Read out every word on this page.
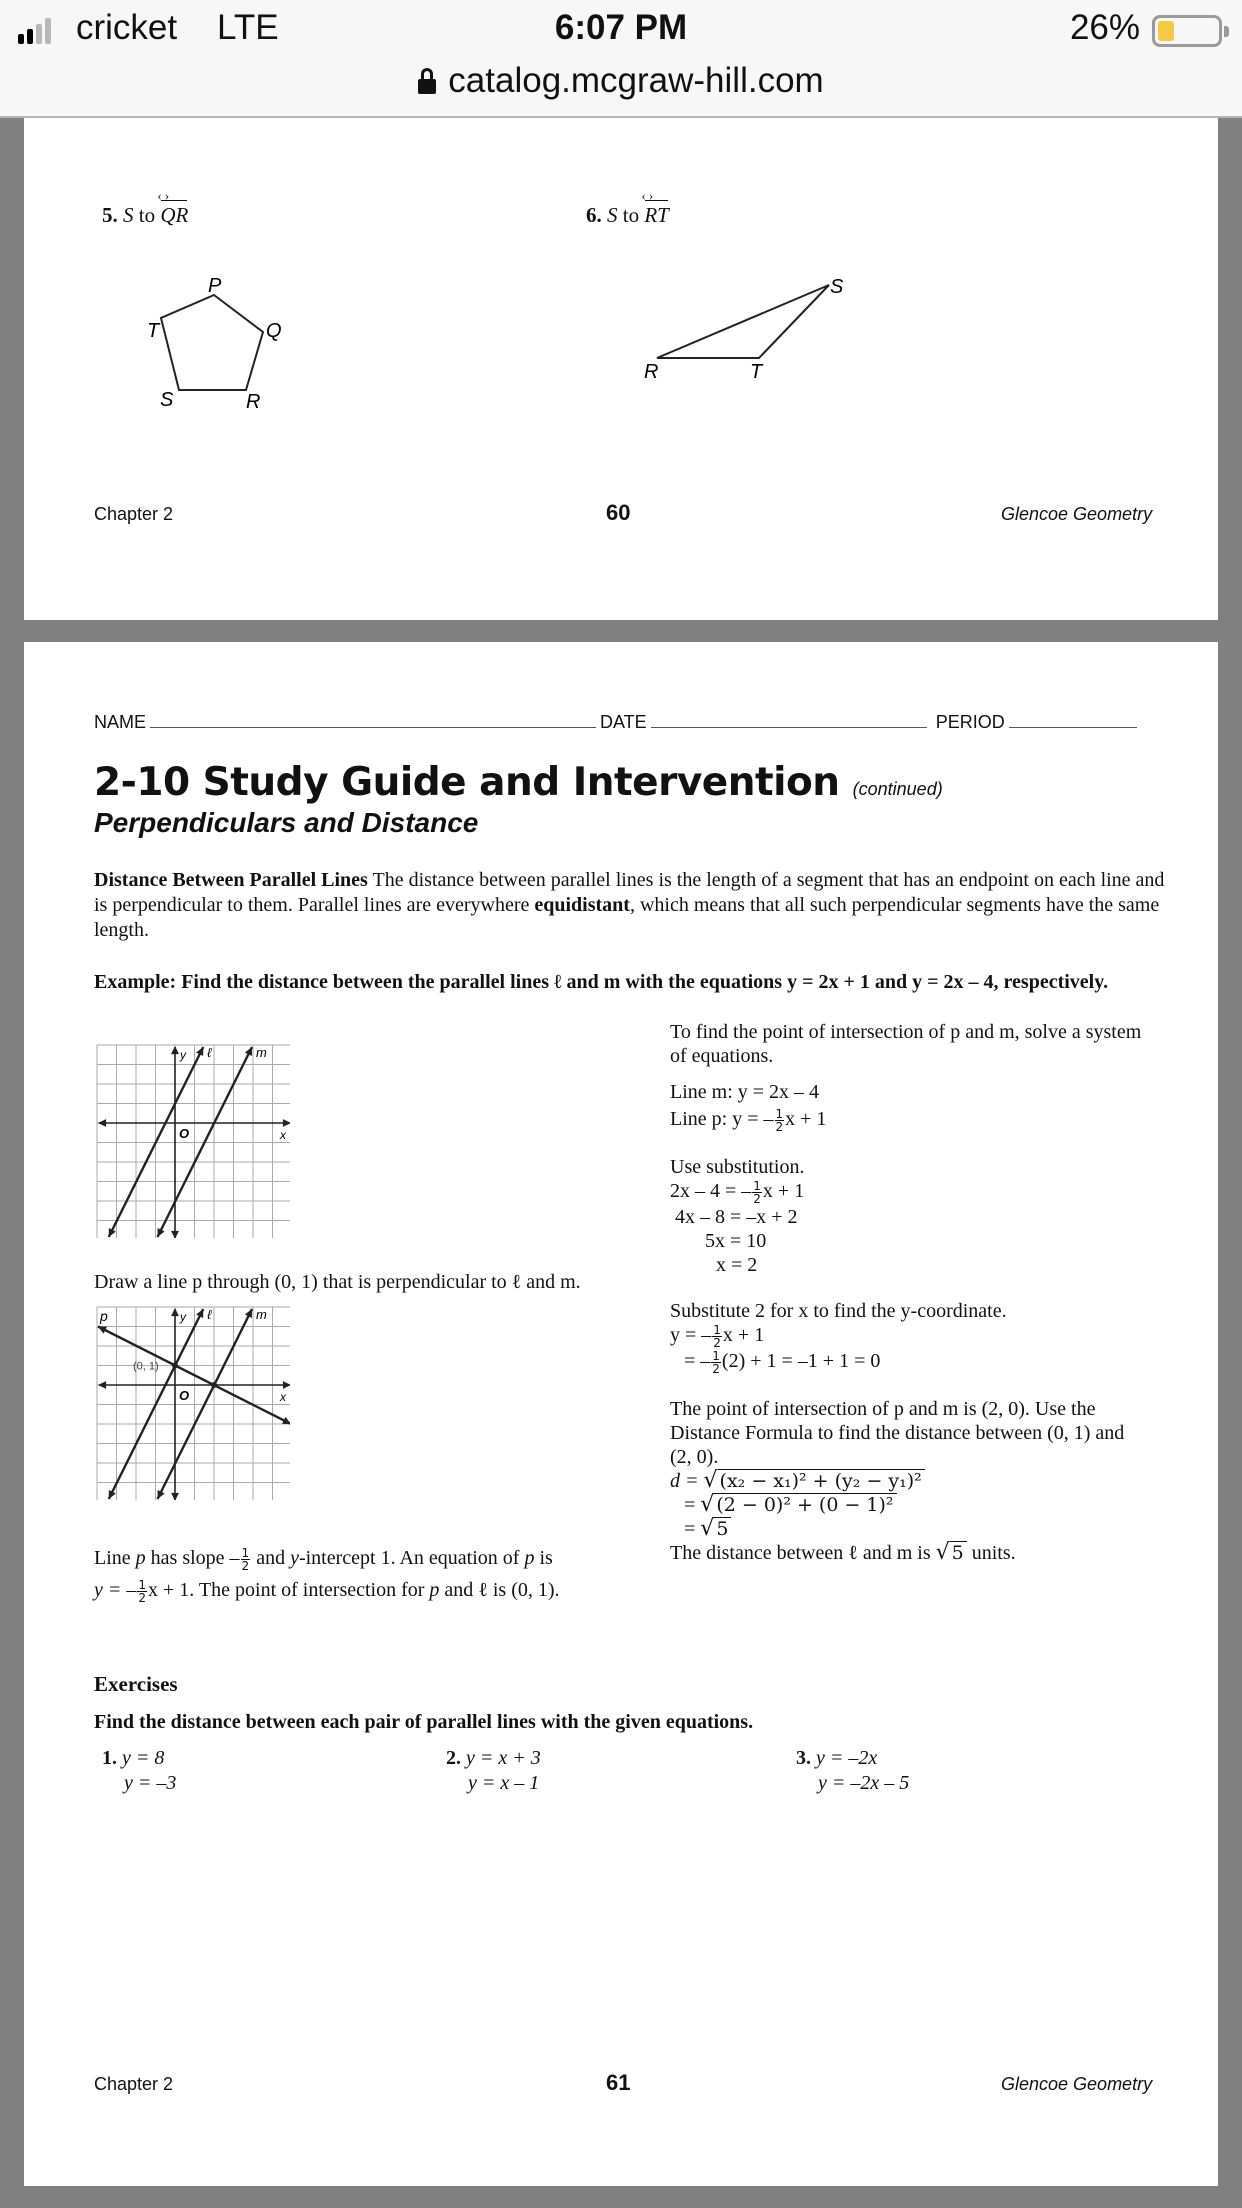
cricket LTE	6:07 PM	26%
catalog.mcgraw-hill.com
5. S to QR ‹ ›	6. S to RT ‹ ›
P
Q
R
S
T
R	T
S
Chapter 2	60	Glencoe Geometry
NAME	DATE	PERIOD
2-10 Study Guide and Intervention (continued)
Perpendiculars and Distance
Distance Between Parallel Lines The distance between parallel lines is the length of a segment that has an endpoint on each line and is perpendicular to them. Parallel lines are everywhere equidistant, which means that all such perpendicular segments have the same length.
Example: Find the distance between the parallel lines ℓ and m with the equations y = 2x + 1 and y = 2x – 4, respectively.
y
x
O
ℓ	m
Draw a line p through (0, 1) that is perpendicular to ℓ and m.
y
x
O
ℓ	m
p
(0, 1)
Line p has slope – $\frac{1}{2}$ and y-intercept 1. An equation of p is
y = – $\frac{1}{2}$ x + 1. The point of intersection for p and ℓ is (0, 1).
To find the point of intersection of p and m, solve a system of equations.
Line m: y = 2x – 4
Line p: y = – $\frac{1}{2}$ x + 1
Use substitution.
2x – 4 = – $\frac{1}{2}$ x + 1
4x – 8 = –x + 2
5x = 10
x = 2
Substitute 2 for x to find the y-coordinate.
y = – $\frac{1}{2}$ x + 1
= – $\frac{1}{2} (2) + 1 = -1 + 1 = 0$
The point of intersection of p and m is (2, 0). Use the Distance Formula to find the distance between (0, 1) and (2, 0).
d = √ (x₂ − x₁)² + (y₂ − y₁)²
= √ (2 − 0)² + (0 − 1)²
= √ 5
The distance between ℓ and m is √ 5 units.
Exercises
Find the distance between each pair of parallel lines with the given equations.
1. y = 8
y = –3
2. y = x + 3
y = x – 1
3. y = –2x
y = –2x – 5
Chapter 2	61	Glencoe Geometry
